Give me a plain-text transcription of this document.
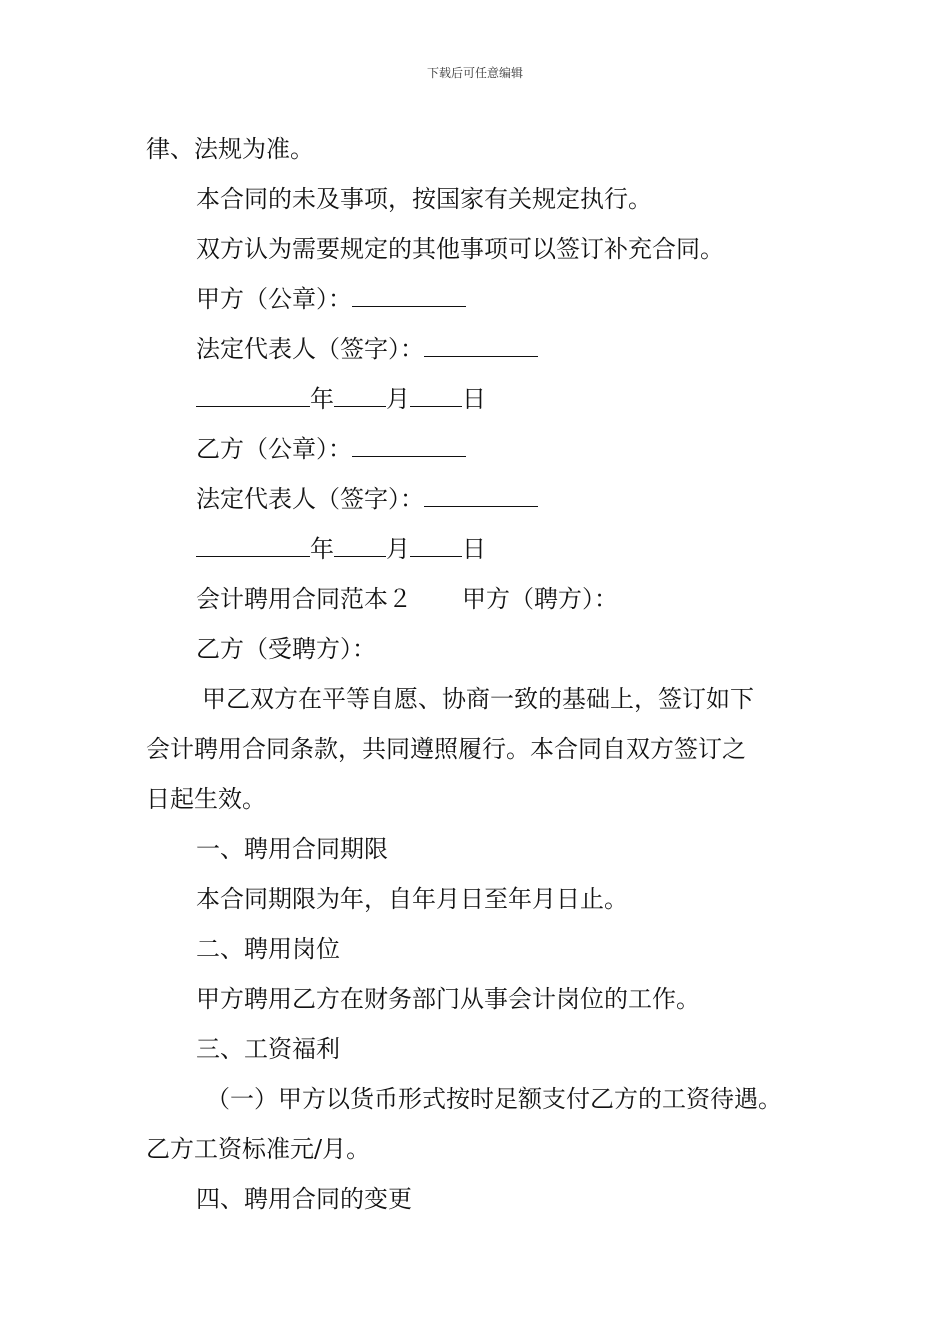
下载后可任意编辑
律、法规为准。
本合同的未及事项，按国家有关规定执行。
双方认为需要规定的其他事项可以签订补充合同。
甲方（公章）：
法定代表人（签字）：
年 月 日
乙方（公章）：
法定代表人（签字）：
年 月 日
会计聘用合同范本２ 甲方（聘方）：
乙方（受聘方）：
甲乙双方在平等自愿、协商一致的基础上，签订如下
会计聘用合同条款，共同遵照履行。本合同自双方签订之
日起生效。
一、聘用合同期限
本合同期限为年，自年月日至年月日止。
二、聘用岗位
甲方聘用乙方在财务部门从事会计岗位的工作。
三、工资福利
（一）甲方以货币形式按时足额支付乙方的工资待遇。
乙方工资标准元/月。
四、聘用合同的变更
